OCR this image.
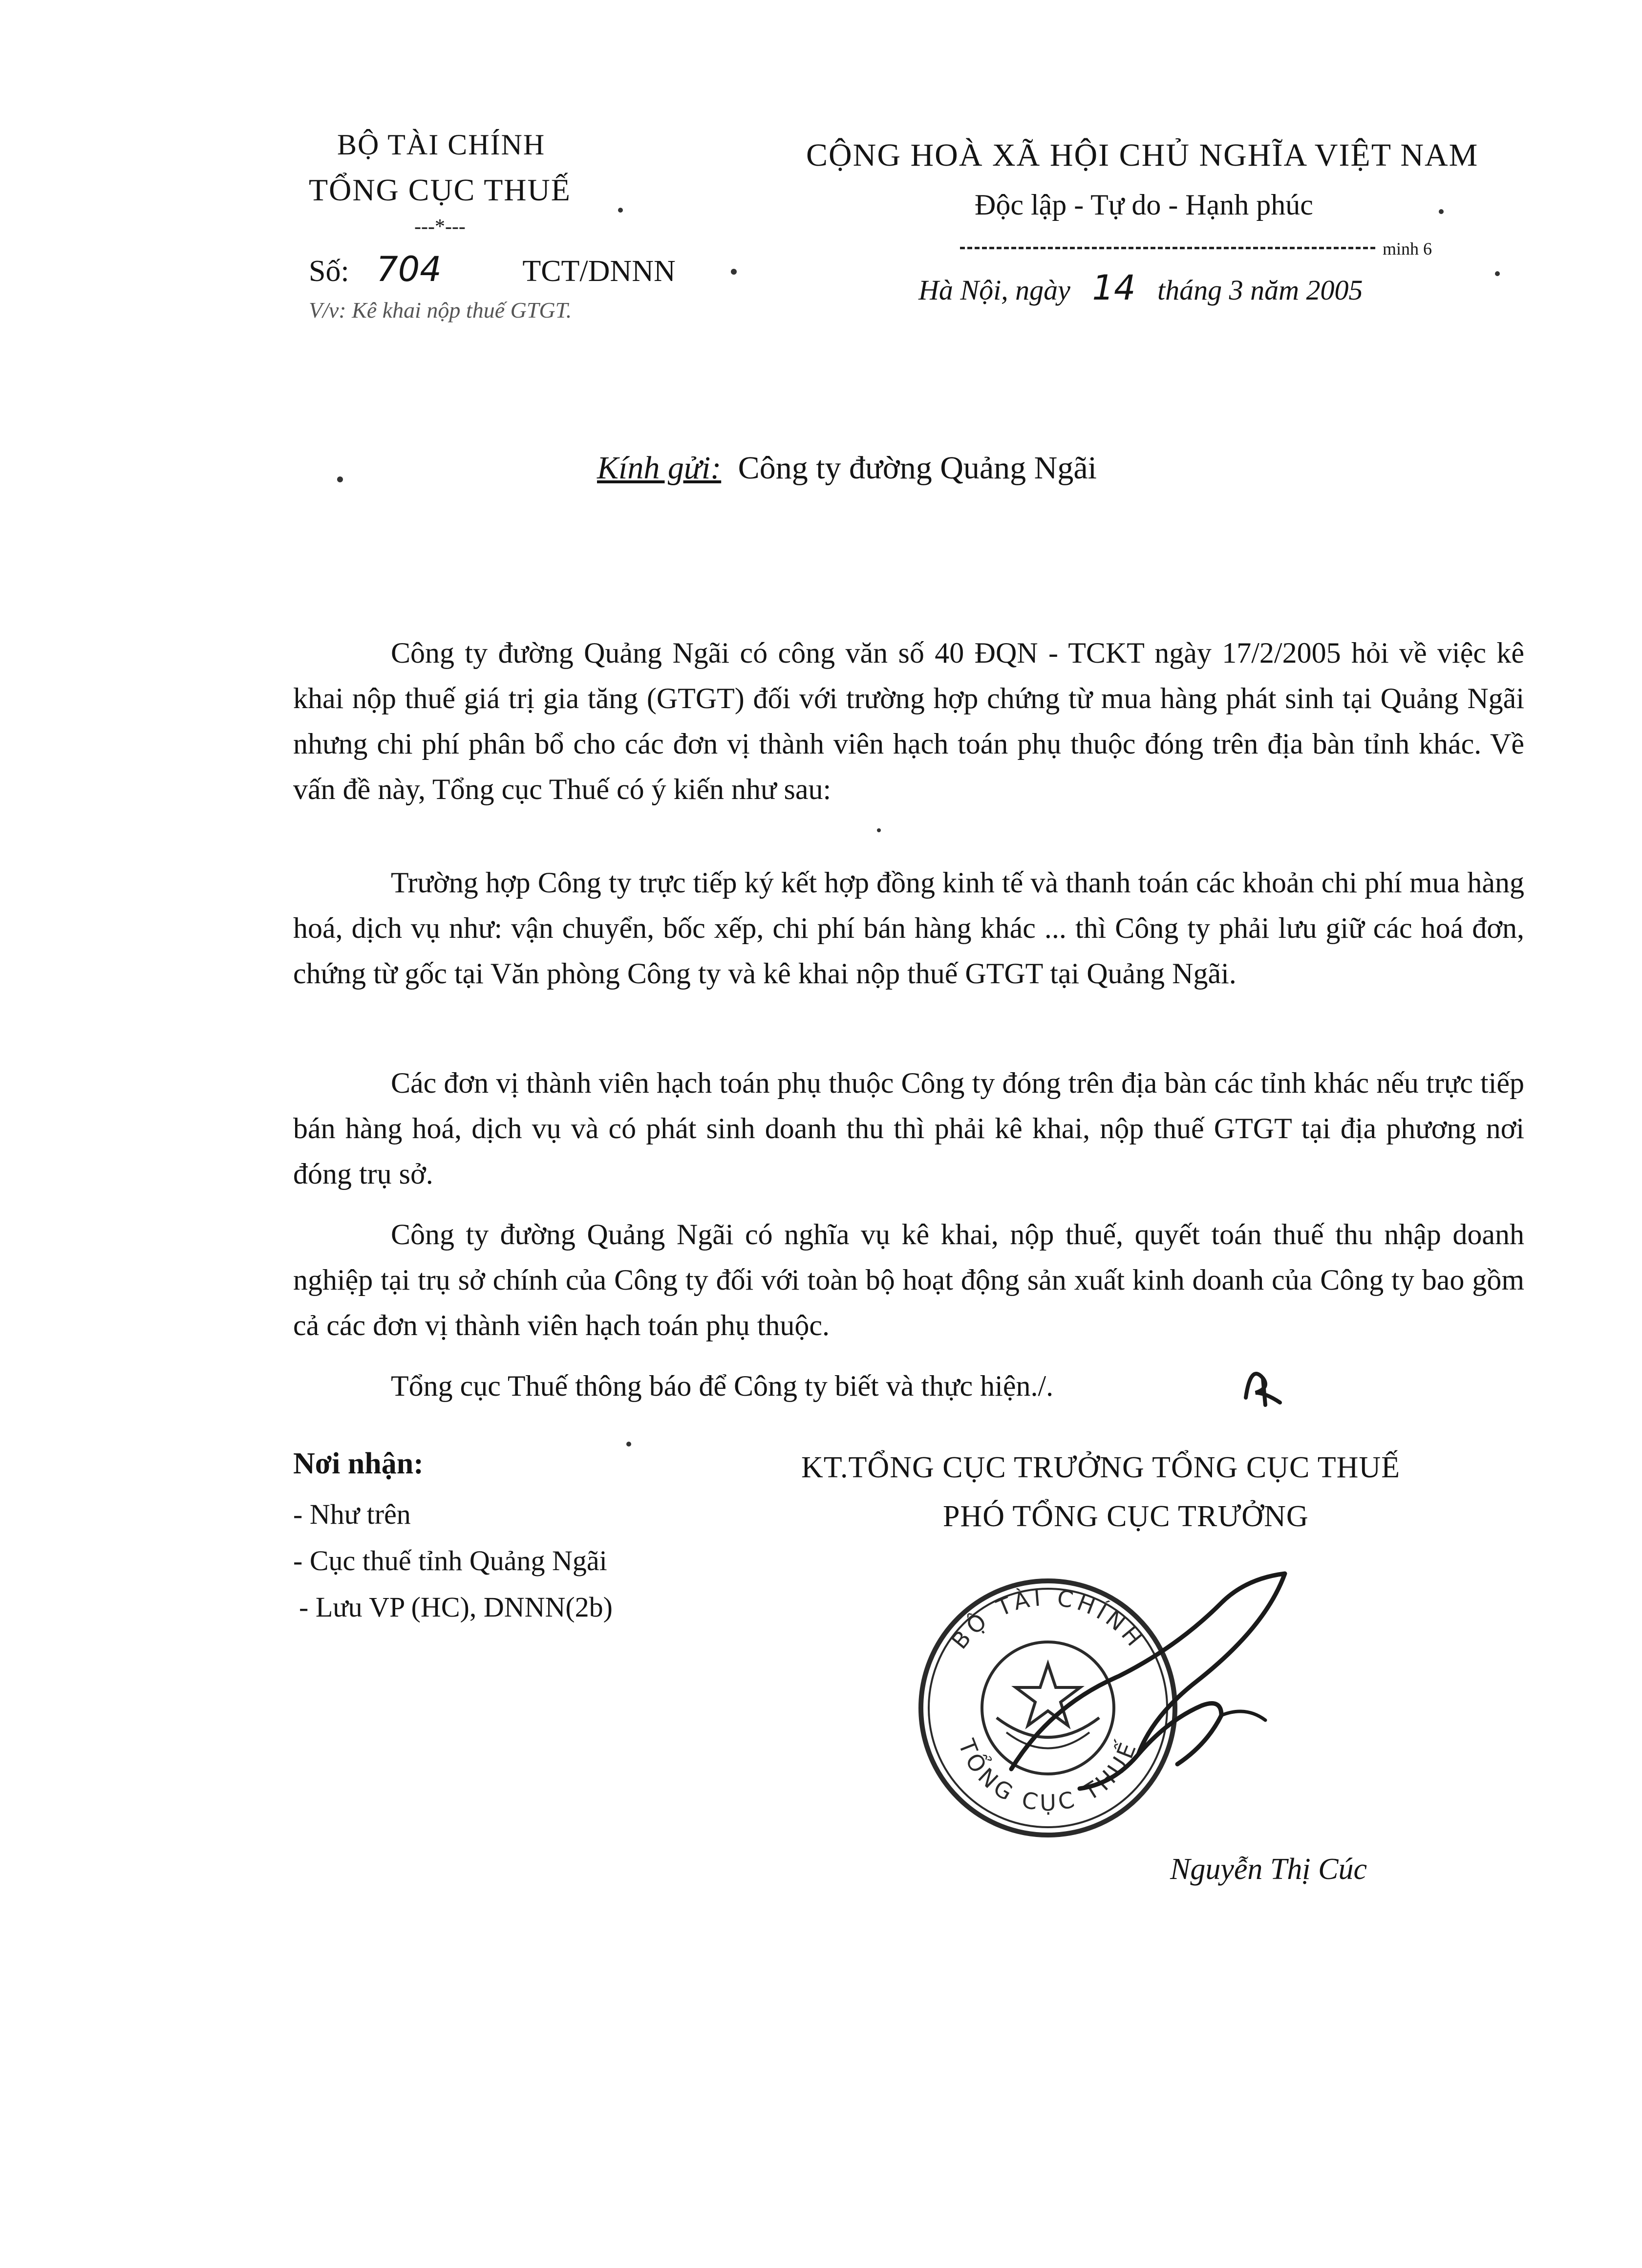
BỘ TÀI CHÍNH
TỔNG CỤC THUẾ
---*---
Số: 704	TCT/DNNN
V/v: Kê khai nộp thuế GTGT.
CỘNG HOÀ XÃ HỘI CHỦ NGHĨA VIỆT NAM
Độc lập - Tự do - Hạnh phúc
minh 6
Hà Nội, ngày 14 tháng 3 năm 2005
Kính gửi: Công ty đường Quảng Ngãi

Công ty đường Quảng Ngãi có công văn số 40 ĐQN - TCKT ngày 17/2/2005 hỏi về việc kê khai nộp thuế giá trị gia tăng (GTGT) đối với trường hợp chứng từ mua hàng phát sinh tại Quảng Ngãi nhưng chi phí phân bổ cho các đơn vị thành viên hạch toán phụ thuộc đóng trên địa bàn tỉnh khác. Về vấn đề này, Tổng cục Thuế có ý kiến như sau:

Trường hợp Công ty trực tiếp ký kết hợp đồng kinh tế và thanh toán các khoản chi phí mua hàng hoá, dịch vụ như: vận chuyển, bốc xếp, chi phí bán hàng khác ... thì Công ty phải lưu giữ các hoá đơn, chứng từ gốc tại Văn phòng Công ty và kê khai nộp thuế GTGT tại Quảng Ngãi.

Các đơn vị thành viên hạch toán phụ thuộc Công ty đóng trên địa bàn các tỉnh khác nếu trực tiếp bán hàng hoá, dịch vụ và có phát sinh doanh thu thì phải kê khai, nộp thuế GTGT tại địa phương nơi đóng trụ sở.

Công ty đường Quảng Ngãi có nghĩa vụ kê khai, nộp thuế, quyết toán thuế thu nhập doanh nghiệp tại trụ sở chính của Công ty đối với toàn bộ hoạt động sản xuất kinh doanh của Công ty bao gồm cả các đơn vị thành viên hạch toán phụ thuộc.

Tổng cục Thuế thông báo để Công ty biết và thực hiện./.

Nơi nhận:
- Như trên
- Cục thuế tỉnh Quảng Ngãi
- Lưu VP (HC), DNNN(2b)
KT.TỔNG CỤC TRƯỞNG TỔNG CỤC THUẾ
PHÓ TỔNG CỤC TRƯỞNG
BỘ TÀI CHÍNH
TỔNG CỤC THUẾ
Nguyễn Thị Cúc
